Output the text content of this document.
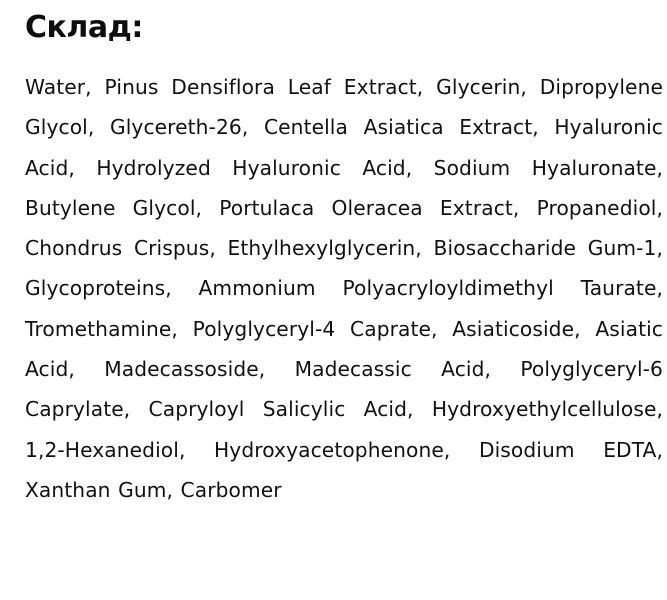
Склад:

Water, Pinus Densiflora Leaf Extract, Glycerin, Dipropylene Glycol, Glycereth-26, Centella Asiatica Extract, Hyaluronic Acid, Hydrolyzed Hyaluronic Acid, Sodium Hyaluronate, Butylene Glycol, Portulaca Oleracea Extract, Propanediol, Chondrus Crispus, Ethylhexylglycerin, Biosaccharide Gum-1, Glycoproteins, Ammonium Polyacryloyldimethyl Taurate, Tromethamine, Polyglyceryl-4 Caprate, Asiaticoside, Asiatic Acid, Madecassoside, Madecassic Acid, Polyglyceryl-6 Caprylate, Capryloyl Salicylic Acid, Hydroxyethylcellulose, 1,2-Hexanediol, Hydroxyacetophenone, Disodium EDTA, Xanthan Gum, Carbomer
